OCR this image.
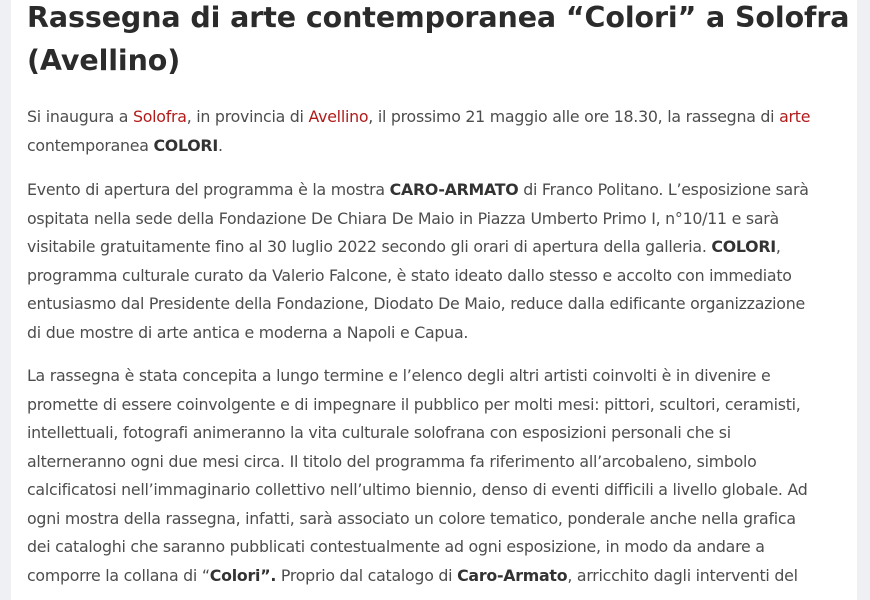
Rassegna di arte contemporanea “Colori” a Solofra
(Avellino)

Si inaugura a Solofra, in provincia di Avellino, il prossimo 21 maggio alle ore 18.30, la rassegna di arte
contemporanea COLORI.

Evento di apertura del programma è la mostra CARO-ARMATO di Franco Politano. L’esposizione sarà
ospitata nella sede della Fondazione De Chiara De Maio in Piazza Umberto Primo I, n°10/11 e sarà
visitabile gratuitamente fino al 30 luglio 2022 secondo gli orari di apertura della galleria. COLORI,
programma culturale curato da Valerio Falcone, è stato ideato dallo stesso e accolto con immediato
entusiasmo dal Presidente della Fondazione, Diodato De Maio, reduce dalla edificante organizzazione
di due mostre di arte antica e moderna a Napoli e Capua.

La rassegna è stata concepita a lungo termine e l’elenco degli altri artisti coinvolti è in divenire e
promette di essere coinvolgente e di impegnare il pubblico per molti mesi: pittori, scultori, ceramisti,
intellettuali, fotografi animeranno la vita culturale solofrana con esposizioni personali che si
alterneranno ogni due mesi circa. Il titolo del programma fa riferimento all’arcobaleno, simbolo
calcificatosi nell’immaginario collettivo nell’ultimo biennio, denso di eventi difficili a livello globale. Ad
ogni mostra della rassegna, infatti, sarà associato un colore tematico, ponderale anche nella grafica
dei cataloghi che saranno pubblicati contestualmente ad ogni esposizione, in modo da andare a
comporre la collana di “Colori”. Proprio dal catalogo di Caro-Armato, arricchito dagli interventi del
